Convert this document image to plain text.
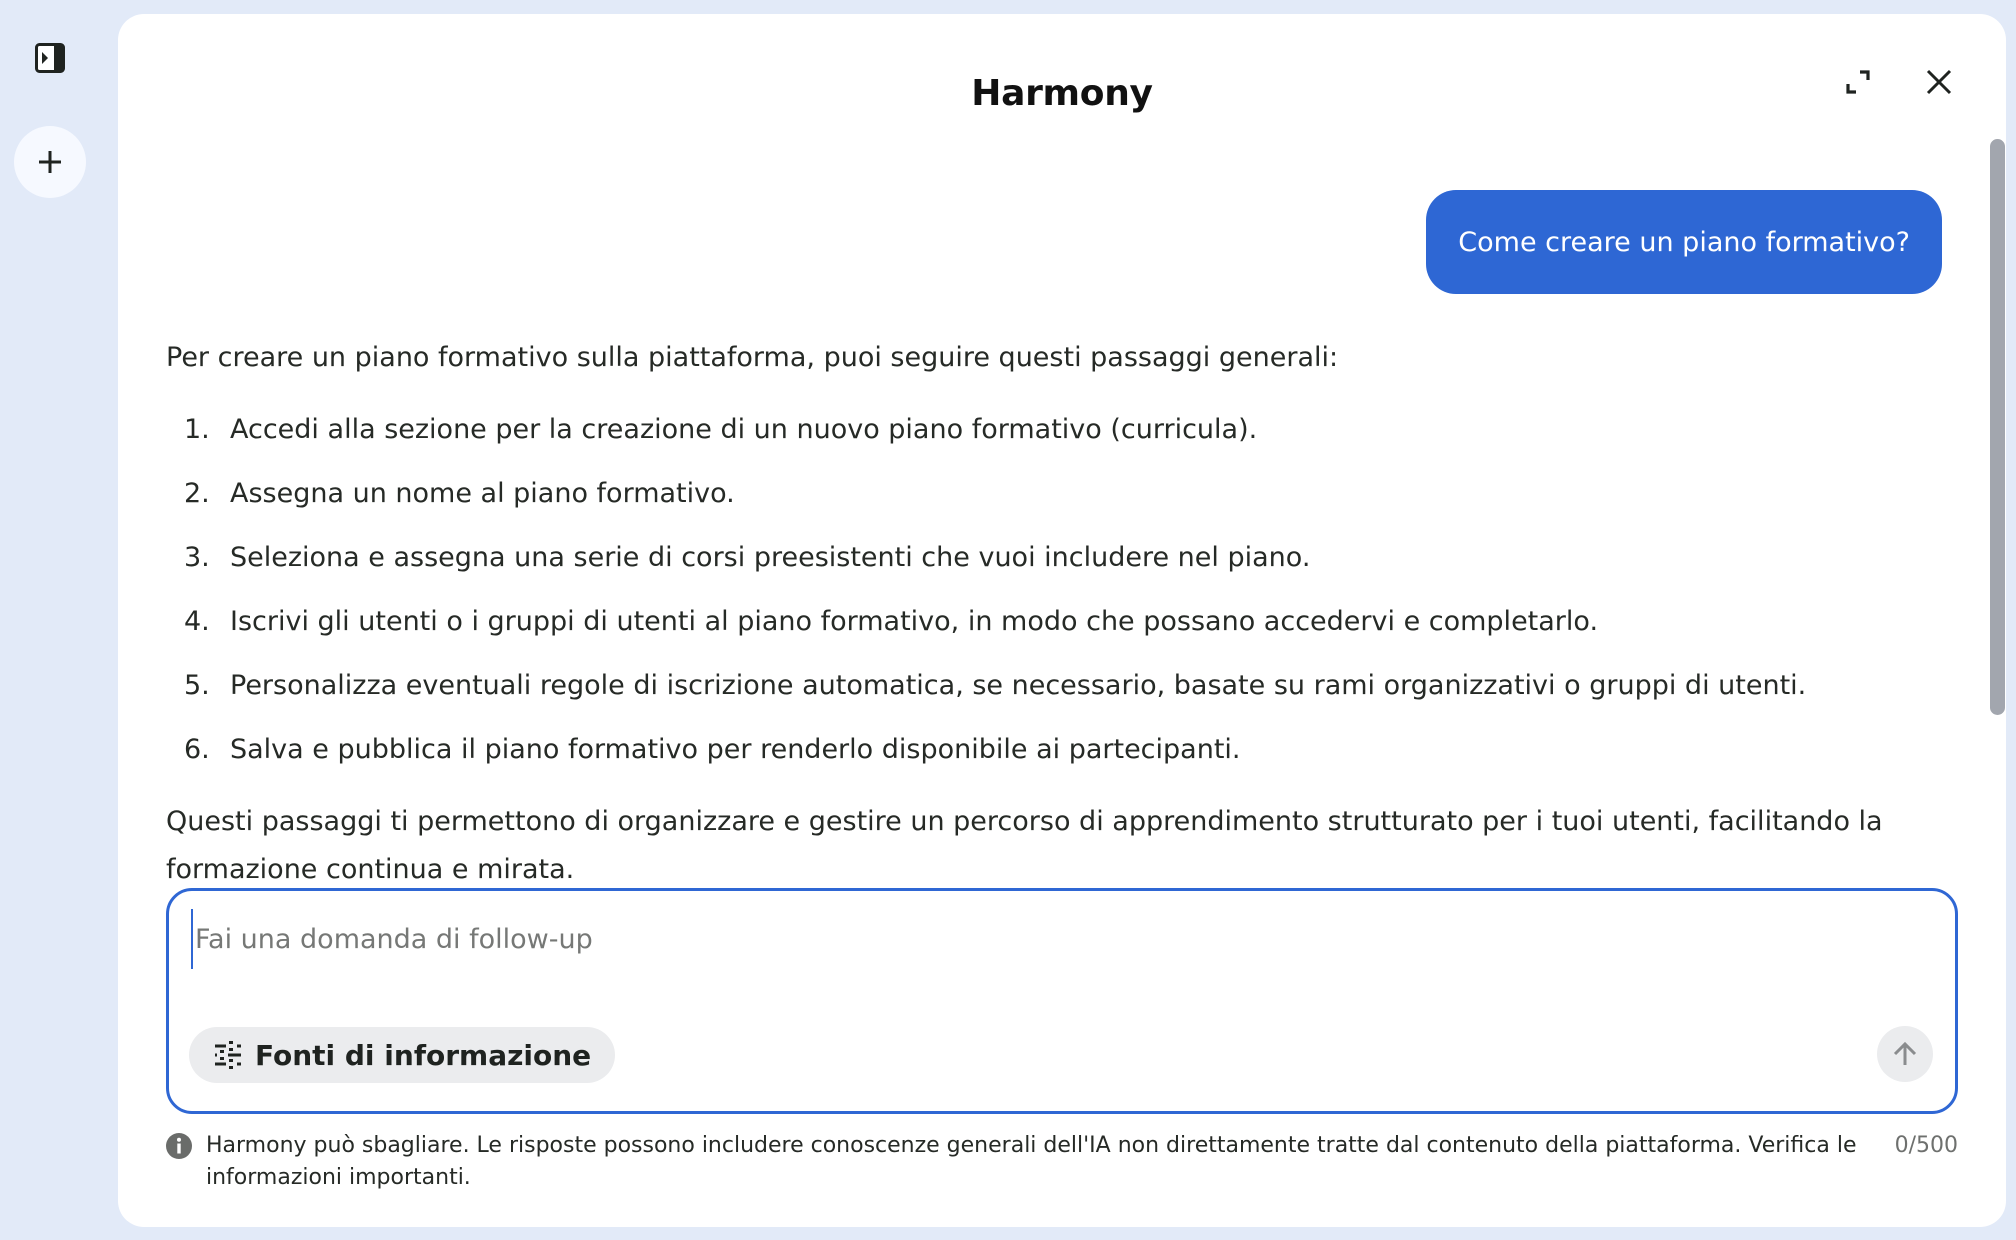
Harmony
Come creare un piano formativo?

Per creare un piano formativo sulla piattaforma, puoi seguire questi passaggi generali:

1. Accedi alla sezione per la creazione di un nuovo piano formativo (curricula).
2. Assegna un nome al piano formativo.
3. Seleziona e assegna una serie di corsi preesistenti che vuoi includere nel piano.
4. Iscrivi gli utenti o i gruppi di utenti al piano formativo, in modo che possano accedervi e completarlo.
5. Personalizza eventuali regole di iscrizione automatica, se necessario, basate su rami organizzativi o gruppi di utenti.
6. Salva e pubblica il piano formativo per renderlo disponibile ai partecipanti.

Questi passaggi ti permettono di organizzare e gestire un percorso di apprendimento strutturato per i tuoi utenti, facilitando la formazione continua e mirata.

Fai una domanda di follow-up
Fonti di informazione
Harmony può sbagliare. Le risposte possono includere conoscenze generali dell'IA non direttamente tratte dal contenuto della piattaforma. Verifica le informazioni importanti.
0/500
